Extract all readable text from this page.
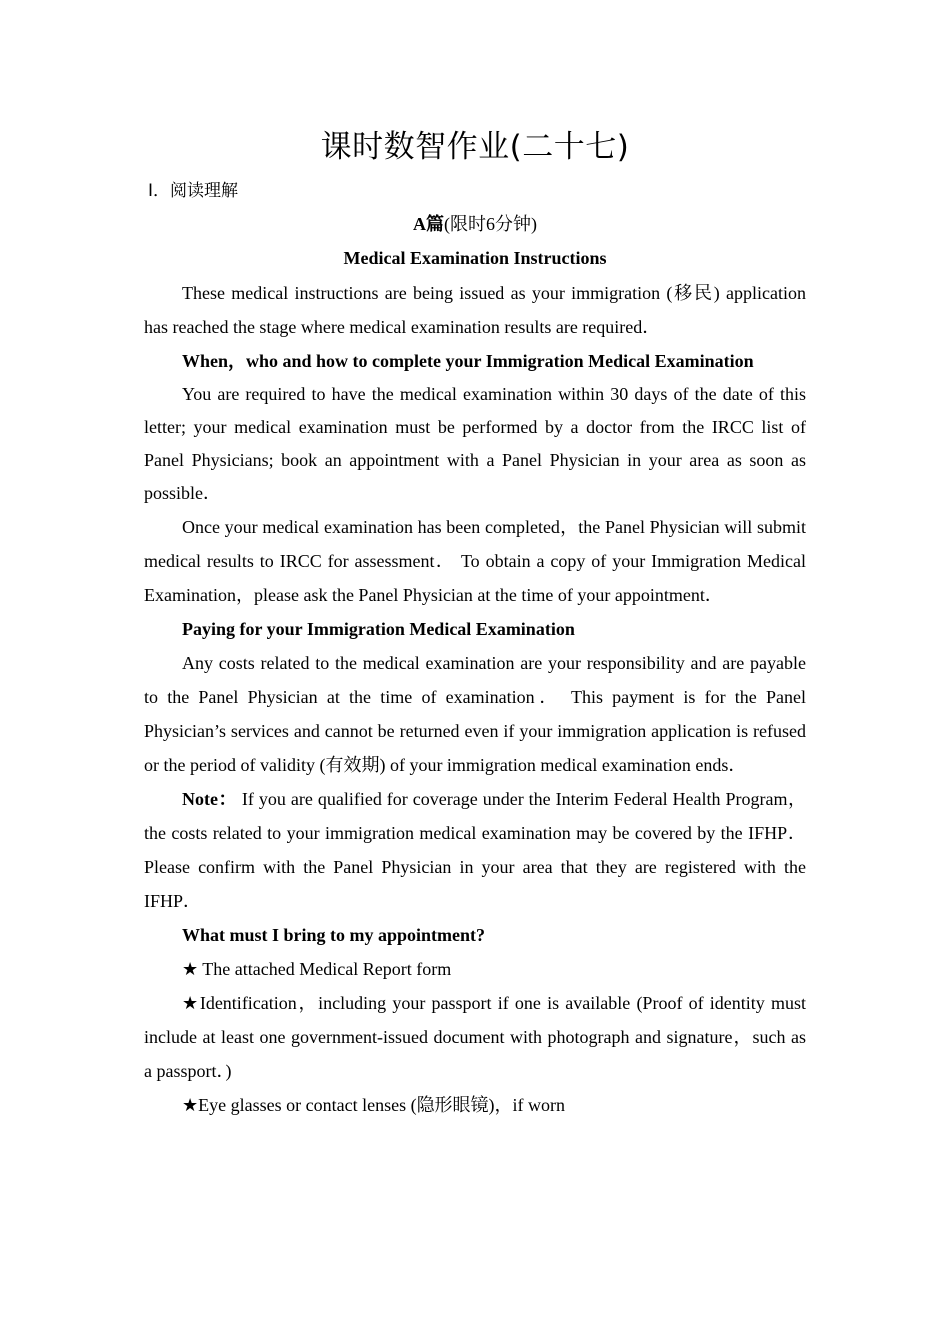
课时数智作业(二十七)
Ⅰ．阅读理解
A篇(限时6分钟)
Medical Examination Instructions

These medical instructions are being issued as your immigration (移民) application has reached the stage where medical examination results are required．

When，who and how to complete your Immigration Medical Examination

You are required to have the medical examination within 30 days of the date of this letter; your medical examination must be performed by a doctor from the IRCC list of Panel Physicians; book an appointment with a Panel Physician in your area as soon as possible．

Once your medical examination has been completed，the Panel Physician will submit medical results to IRCC for assessment． To obtain a copy of your Immigration Medical Examination，please ask the Panel Physician at the time of your appointment．

Paying for your Immigration Medical Examination

Any costs related to the medical examination are your responsibility and are payable to the Panel Physician at the time of examination． This payment is for the Panel Physician’s services and cannot be returned even if your immigration application is refused or the period of validity (有效期) of your immigration medical examination ends．

Note： If you are qualified for coverage under the Interim Federal Health Program，the costs related to your immigration medical examination may be covered by the IFHP． Please confirm with the Panel Physician in your area that they are registered with the IFHP．

What must I bring to my appointment?

★ The attached Medical Report form

★Identification，including your passport if one is available (Proof of identity must include at least one government-issued document with photograph and signature，such as a passport．)

★Eye glasses or contact lenses (隐形眼镜)，if worn
